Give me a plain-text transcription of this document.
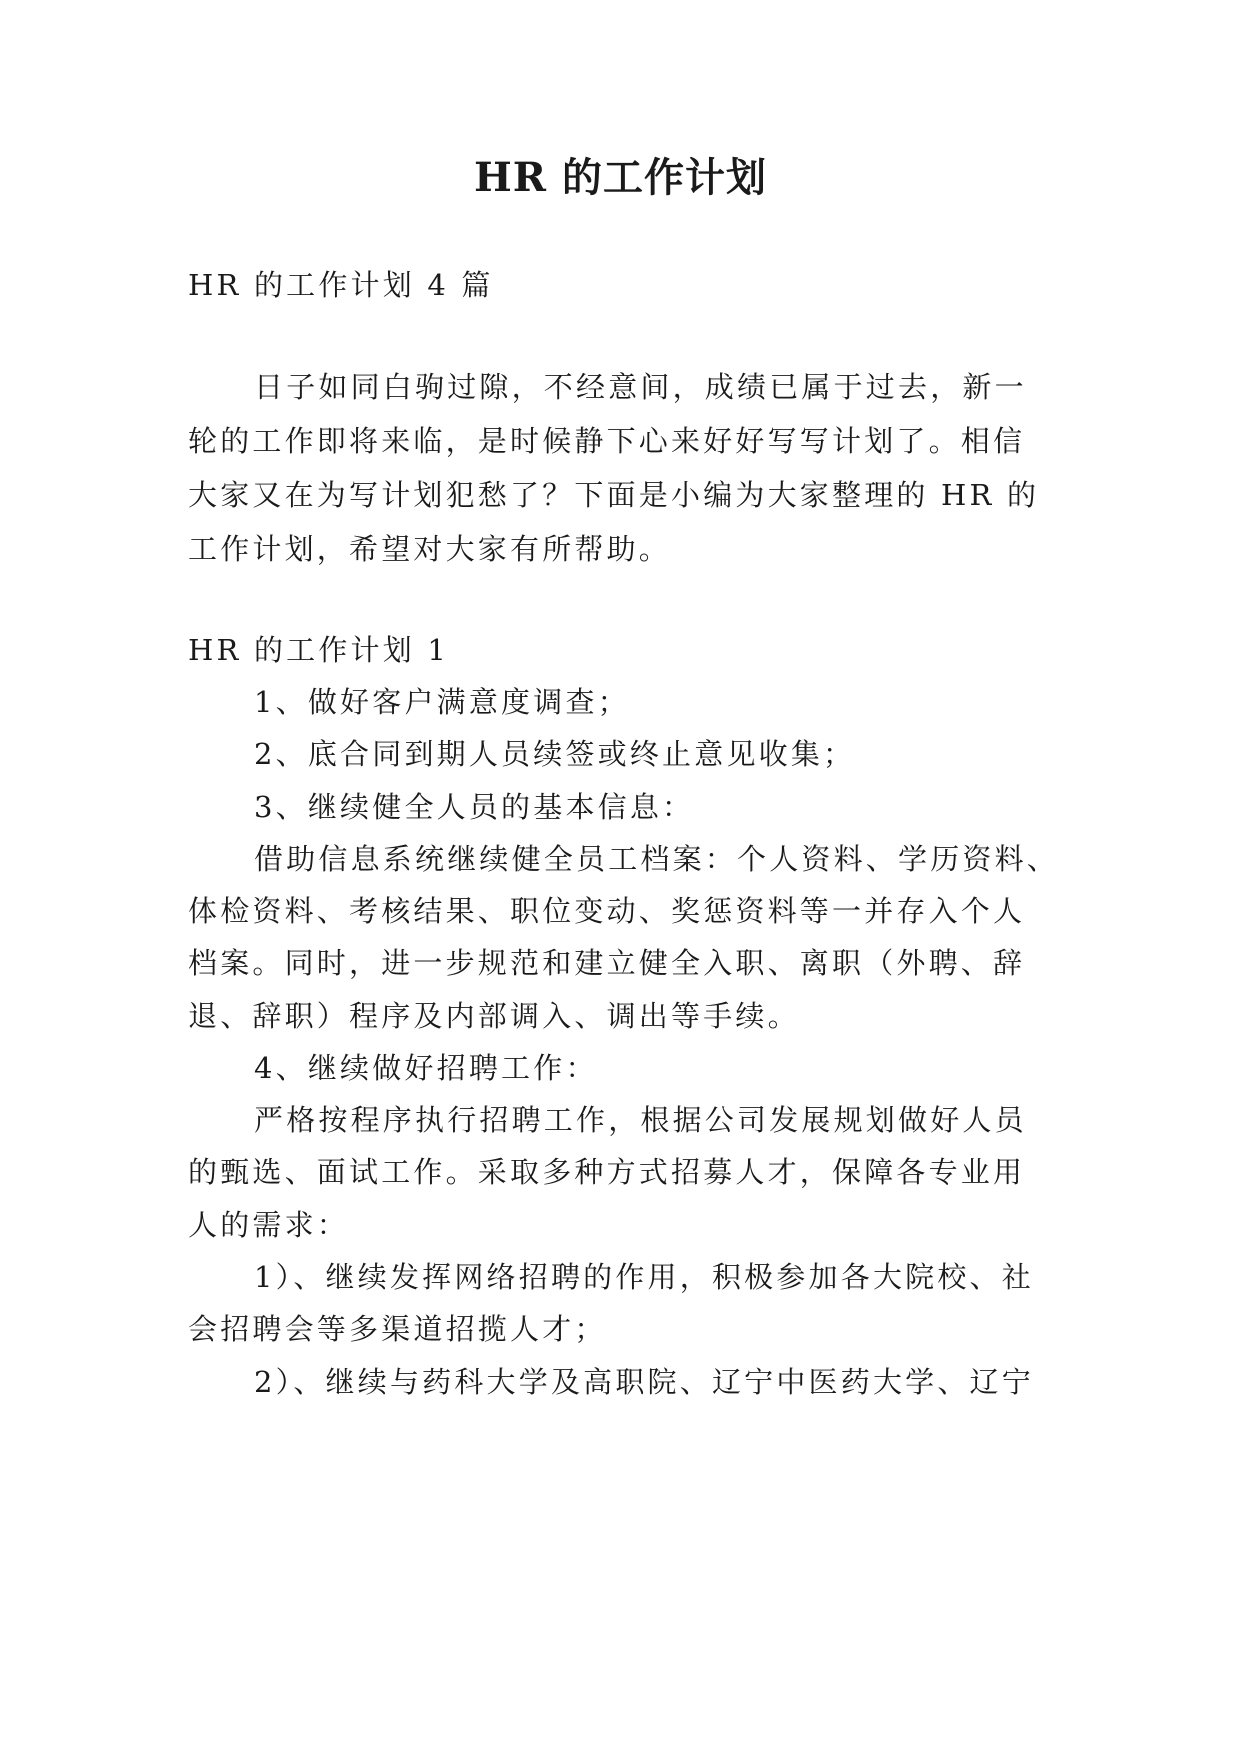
HR 的工作计划
HR 的工作计划 4 篇
日子如同白驹过隙，不经意间，成绩已属于过去，新一
轮的工作即将来临，是时候静下心来好好写写计划了。相信
大家又在为写计划犯愁了？下面是小编为大家整理的 HR 的
工作计划，希望对大家有所帮助。
HR 的工作计划 1
1、做好客户满意度调查；
2、底合同到期人员续签或终止意见收集；
3、继续健全人员的基本信息：
借助信息系统继续健全员工档案：个人资料、学历资料、
体检资料、考核结果、职位变动、奖惩资料等一并存入个人
档案。同时，进一步规范和建立健全入职、离职（外聘、辞
退、辞职）程序及内部调入、调出等手续。
4、继续做好招聘工作：
严格按程序执行招聘工作，根据公司发展规划做好人员
的甄选、面试工作。采取多种方式招募人才，保障各专业用
人的需求：
1）、继续发挥网络招聘的作用，积极参加各大院校、社
会招聘会等多渠道招揽人才；
2）、继续与药科大学及高职院、辽宁中医药大学、辽宁
